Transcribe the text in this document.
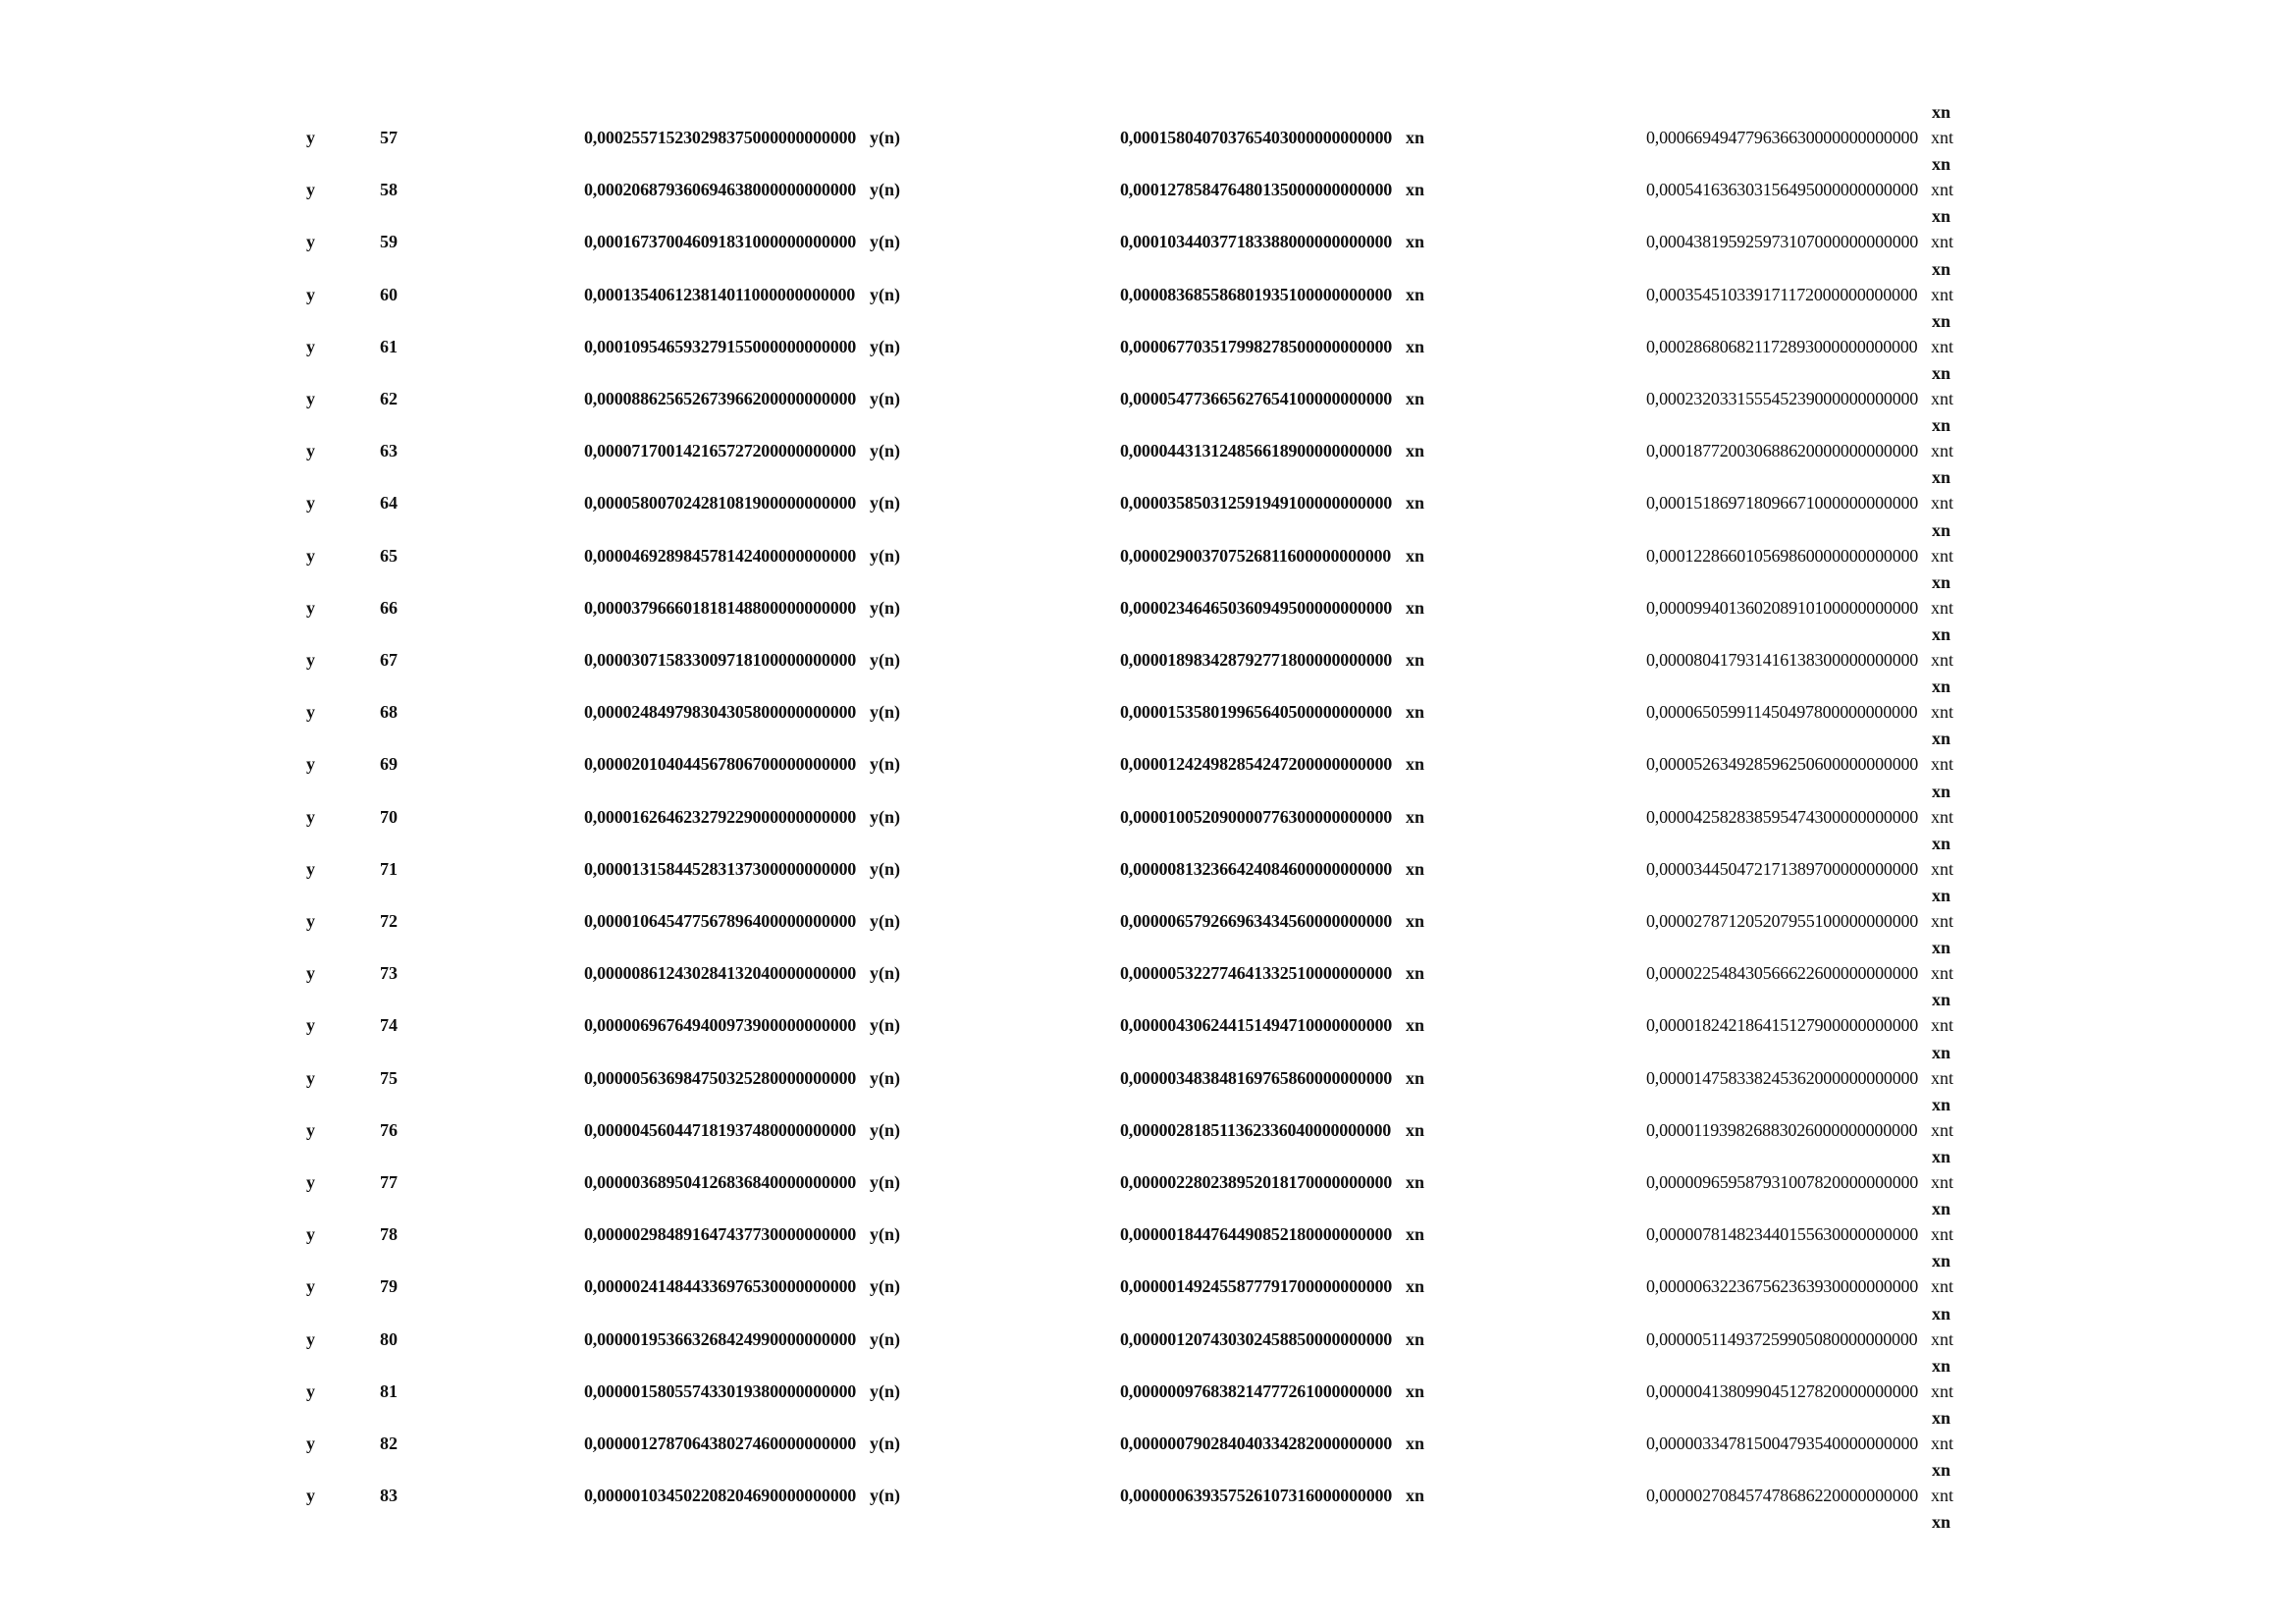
xn
y	57	0,000255715230298375000000000000 y(n)	0,000158040703765403000000000000 xn	0,000669494779636630000000000000 xnt
xn
y	58	0,000206879360694638000000000000 y(n)	0,000127858476480135000000000000 xn	0,000541636303156495000000000000 xnt
xn
y	59	0,000167370046091831000000000000 y(n)	0,000103440377183388000000000000 xn	0,000438195925973107000000000000 xnt
xn
y	60	0,000135406123814011000000000000 y(n)	0,000083685586801935100000000000 xn	0,000354510339171172000000000000 xnt
xn
y	61	0,000109546593279155000000000000 y(n)	0,000067703517998278500000000000 xn	0,000286806821172893000000000000 xnt
xn
y	62	0,000088625652673966200000000000 y(n)	0,000054773665627654100000000000 xn	0,000232033155545239000000000000 xnt
xn
y	63	0,000071700142165727200000000000 y(n)	0,000044313124856618900000000000 xn	0,000187720030688620000000000000 xnt
xn
y	64	0,000058007024281081900000000000 y(n)	0,000035850312591949100000000000 xn	0,000151869718096671000000000000 xnt
xn
y	65	0,000046928984578142400000000000 y(n)	0,000029003707526811600000000000 xn	0,000122866010569860000000000000 xnt
xn
y	66	0,000037966601818148800000000000 y(n)	0,000023464650360949500000000000 xn	0,000099401360208910100000000000 xnt
xn
y	67	0,000030715833009718100000000000 y(n)	0,000018983428792771800000000000 xn	0,000080417931416138300000000000 xnt
xn
y	68	0,000024849798304305800000000000 y(n)	0,000015358019965640500000000000 xn	0,000065059911450497800000000000 xnt
xn
y	69	0,000020104044567806700000000000 y(n)	0,000012424982854247200000000000 xn	0,000052634928596250600000000000 xnt
xn
y	70	0,000016264623279229000000000000 y(n)	0,000010052090000776300000000000 xn	0,000042582838595474300000000000 xnt
xn
y	71	0,000013158445283137300000000000 y(n)	0,000008132366424084600000000000 xn	0,000034450472171389700000000000 xnt
xn
y	72	0,000010645477567896400000000000 y(n)	0,000006579266963434560000000000 xn	0,000027871205207955100000000000 xnt
xn
y	73	0,000008612430284132040000000000 y(n)	0,000005322774641332510000000000 xn	0,000022548430566622600000000000 xnt
xn
y	74	0,000006967649400973900000000000 y(n)	0,000004306244151494710000000000 xn	0,000018242186415127900000000000 xnt
xn
y	75	0,000005636984750325280000000000 y(n)	0,000003483848169765860000000000 xn	0,000014758338245362000000000000 xnt
xn
y	76	0,000004560447181937480000000000 y(n)	0,000002818511362336040000000000 xn	0,000011939826883026000000000000 xnt
xn
y	77	0,000003689504126836840000000000 y(n)	0,000002280238952018170000000000 xn	0,000009659587931007820000000000 xnt
xn
y	78	0,000002984891647437730000000000 y(n)	0,000001844764490852180000000000 xn	0,000007814823440155630000000000 xnt
xn
y	79	0,000002414844336976530000000000 y(n)	0,000001492455877791700000000000 xn	0,000006322367562363930000000000 xnt
xn
y	80	0,000001953663268424990000000000 y(n)	0,000001207430302458850000000000 xn	0,000005114937259905080000000000 xnt
xn
y	81	0,000001580557433019380000000000 y(n)	0,000000976838214777261000000000 xn	0,000004138099045127820000000000 xnt
xn
y	82	0,000001278706438027460000000000 y(n)	0,000000790284040334282000000000 xn	0,000003347815004793540000000000 xnt
xn
y	83	0,000001034502208204690000000000 y(n)	0,000000639357526107316000000000 xn	0,000002708457478686220000000000 xnt
xn
